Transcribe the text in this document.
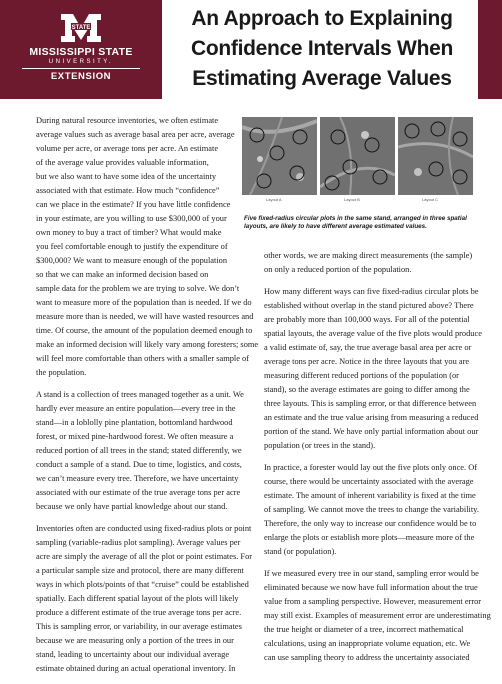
STATE
MISSISSIPPI STATE
UNIVERSITY.
EXTENSION
An Approach to Explaining
Confidence Intervals When
Estimating Average Values
Layout A	Layout B	Layout C
Five fixed-radius circular plots in the same stand, arranged in three spatial layouts, are likely to have different average estimated values.

During natural resource inventories, we often estimate
average values such as average basal area per acre, average
volume per acre, or average tons per acre. An estimate
of the average value provides valuable information,
but we also want to have some idea of the uncertainty
associated with that estimate. How much “confidence”
can we place in the estimate? If you have little confidence
in your estimate, are you willing to use $300,000 of your
own money to buy a tract of timber? What would make
you feel comfortable enough to justify the expenditure of
$300,000? We want to measure enough of the population
so that we can make an informed decision based on
sample data for the problem we are trying to solve. We don’t
want to measure more of the population than is needed. If we do
measure more than is needed, we will have wasted resources and
time. Of course, the amount of the population deemed enough to
make an informed decision will likely vary among foresters; some
will feel more comfortable than others with a smaller sample of
the population.

A stand is a collection of trees managed together as a unit. We
hardly ever measure an entire population—every tree in the
stand—in a loblolly pine plantation, bottomland hardwood
forest, or mixed pine-hardwood forest. We often measure a
reduced portion of all trees in the stand; stated differently, we
conduct a sample of a stand. Due to time, logistics, and costs,
we can’t measure every tree. Therefore, we have uncertainty
associated with our estimate of the true average tons per acre
because we only have partial knowledge about our stand.

Inventories often are conducted using fixed-radius plots or point
sampling (variable-radius plot sampling). Average values per
acre are simply the average of all the plot or point estimates. For
a particular sample size and protocol, there are many different
ways in which plots/points of that “cruise” could be established
spatially. Each different spatial layout of the plots will likely
produce a different estimate of the true average tons per acre.
This is sampling error, or variability, in our average estimates
because we are measuring only a portion of the trees in our
stand, leading to uncertainty about our individual average
estimate obtained during an actual operational inventory. In

other words, we are making direct measurements (the sample)
on only a reduced portion of the population.

How many different ways can five fixed-radius circular plots be
established without overlap in the stand pictured above? There
are probably more than 100,000 ways. For all of the potential
spatial layouts, the average value of the five plots would produce
a valid estimate of, say, the true average basal area per acre or
average tons per acre. Notice in the three layouts that you are
measuring different reduced portions of the population (or
stand), so the average estimates are going to differ among the
three layouts. This is sampling error, or that difference between
an estimate and the true value arising from measuring a reduced
portion of the stand. We have only partial information about our
population (or trees in the stand).

In practice, a forester would lay out the five plots only once. Of
course, there would be uncertainty associated with the average
estimate. The amount of inherent variability is fixed at the time
of sampling. We cannot move the trees to change the variability.
Therefore, the only way to increase our confidence would be to
enlarge the plots or establish more plots—measure more of the
stand (or population).

If we measured every tree in our stand, sampling error would be
eliminated because we now have full information about the true
value from a sampling perspective. However, measurement error
may still exist. Examples of measurement error are underestimating
the true height or diameter of a tree, incorrect mathematical
calculations, using an inappropriate volume equation, etc. We
can use sampling theory to address the uncertainty associated
